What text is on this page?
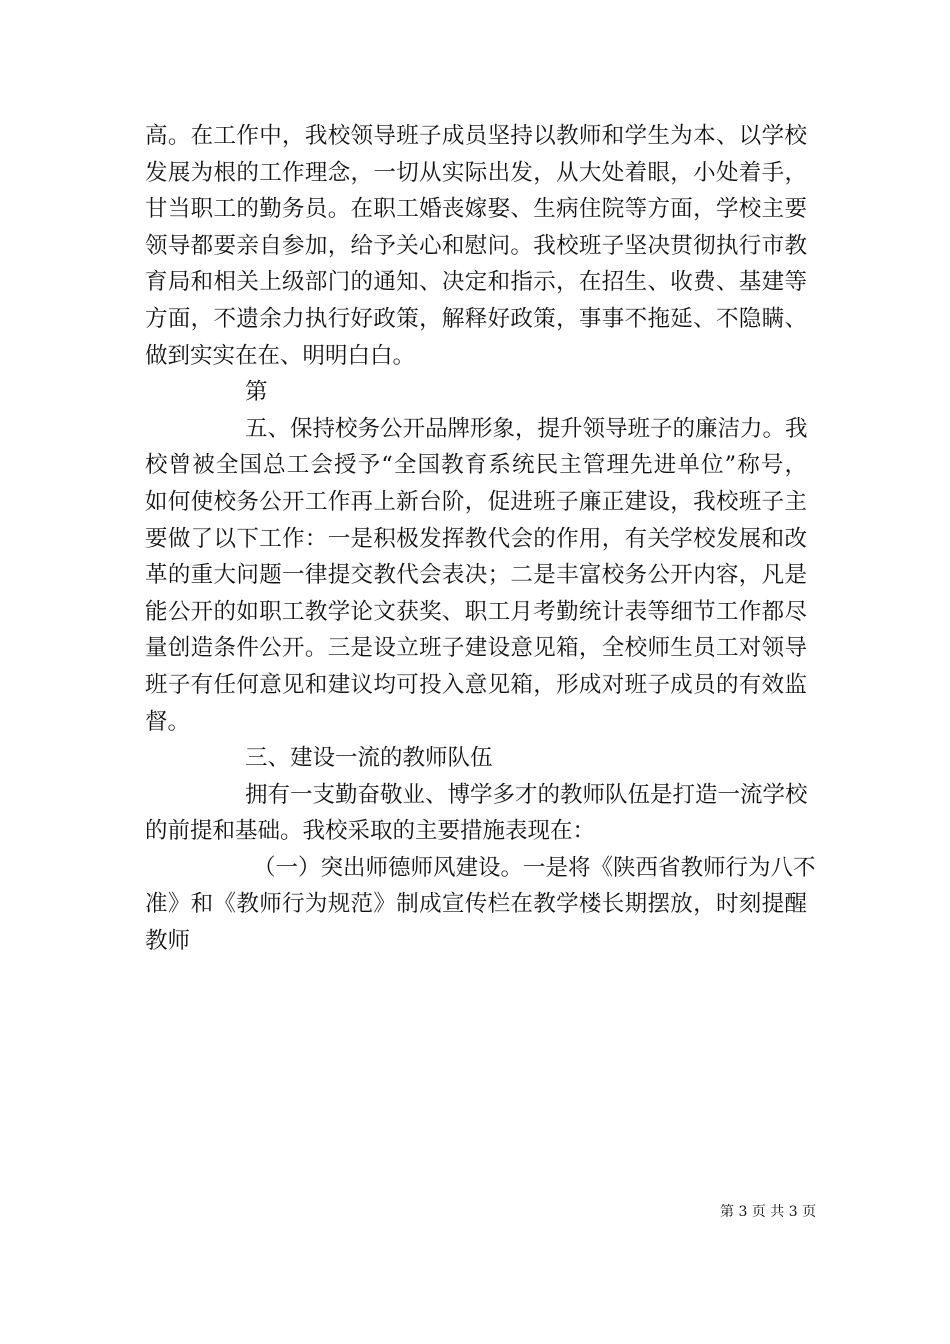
高。在工作中，我校领导班子成员坚持以教师和学生为本、以学校
发展为根的工作理念，一切从实际出发，从大处着眼，小处着手，
甘当职工的勤务员。在职工婚丧嫁娶、生病住院等方面，学校主要
领导都要亲自参加，给予关心和慰问。我校班子坚决贯彻执行市教
育局和相关上级部门的通知、决定和指示，在招生、收费、基建等
方面，不遗余力执行好政策，解释好政策，事事不拖延、不隐瞒、
做到实实在在、明明白白。
第
五、保持校务公开品牌形象，提升领导班子的廉洁力。我
校曾被全国总工会授予“全国教育系统民主管理先进单位”称号，
如何使校务公开工作再上新台阶，促进班子廉正建设，我校班子主
要做了以下工作：一是积极发挥教代会的作用，有关学校发展和改
革的重大问题一律提交教代会表决；二是丰富校务公开内容，凡是
能公开的如职工教学论文获奖、职工月考勤统计表等细节工作都尽
量创造条件公开。三是设立班子建设意见箱，全校师生员工对领导
班子有任何意见和建议均可投入意见箱，形成对班子成员的有效监
督。
三、建设一流的教师队伍
拥有一支勤奋敬业、博学多才的教师队伍是打造一流学校
的前提和基础。我校采取的主要措施表现在：
（一）突出师德师风建设。一是将《陕西省教师行为八不
准》和《教师行为规范》制成宣传栏在教学楼长期摆放，时刻提醒
教师
第 3 页 共 3 页
